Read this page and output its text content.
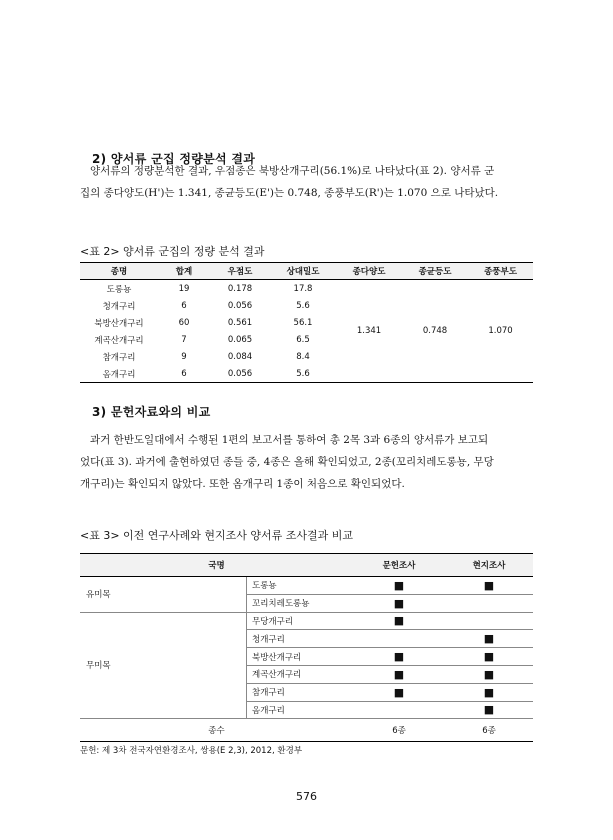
2) 양서류 군집 정량분석 결과

양서류의 정량분석한 결과, 우점종은 북방산개구리(56.1%)로 나타났다(표 2). 양서류 군

집의 종다양도(H')는 1.341, 종균등도(E')는 0.748, 종풍부도(R')는 1.070 으로 나타났다.

<표 2> 양서류 군집의 정량 분석 결과
종명	합계	우점도	상대밀도	종다양도	종균등도	종풍부도
도롱뇽	19	0.178	17.8	1.341	0.748	1.070
청개구리	6	0.056	5.6			
북방산개구리	60	0.561	56.1			
계곡산개구리	7	0.065	6.5			
참개구리	9	0.084	8.4			
옴개구리	6	0.056	5.6			
3) 문헌자료와의 비교

과거 한반도일대에서 수행된 1편의 보고서를 통하여 총 2목 3과 6종의 양서류가 보고되

었다(표 3). 과거에 출현하였던 종들 중, 4종은 올해 확인되었고, 2종(꼬리치레도롱뇽, 무당

개구리)는 확인되지 않았다. 또한 옴개구리 1종이 처음으로 확인되었다.

<표 3> 이전 연구사례와 현지조사 양서류 조사결과 비교
국명		문헌조사	현지조사
유미목	도롱뇽	■	■
	꼬리치레도롱뇽	■	
무미목	무당개구리	■	
	청개구리		■
	북방산개구리	■	■
	계곡산개구리	■	■
	참개구리	■	■
	옴개구리		■
종수		6종	6종
문헌: 제 3차 전국자연환경조사, 쌍용(E 2,3), 2012, 환경부
576
